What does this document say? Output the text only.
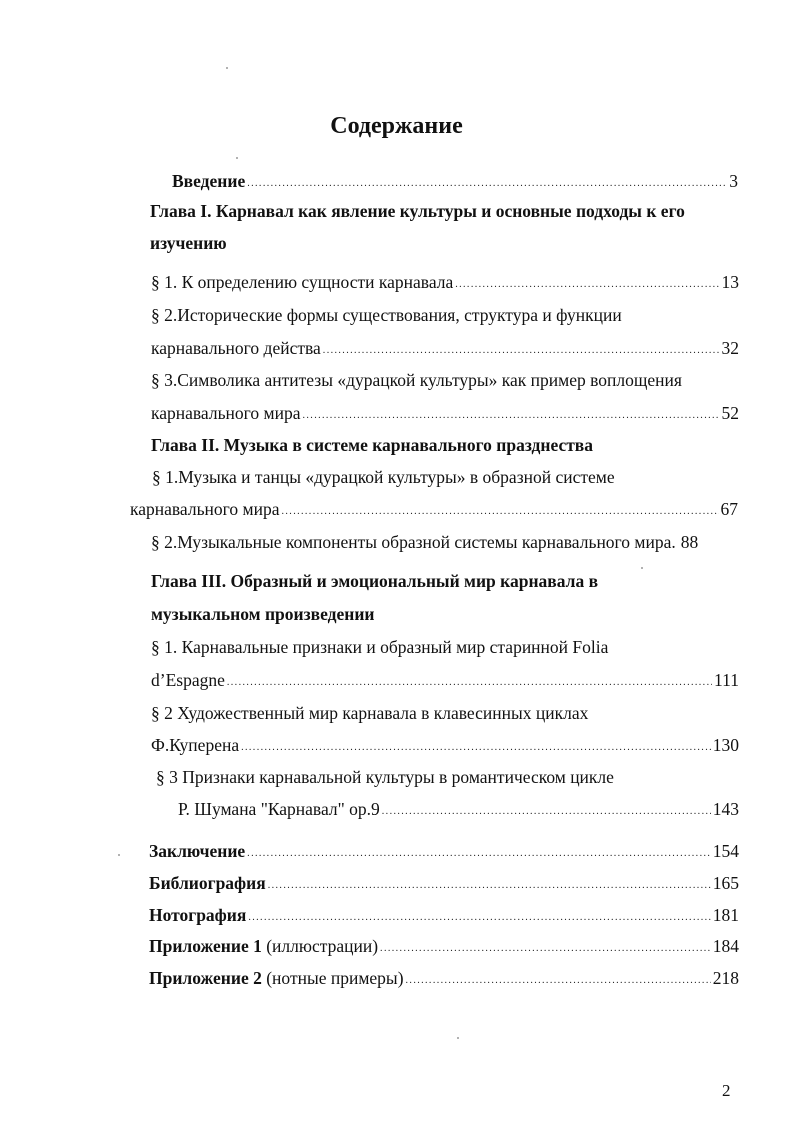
Содержание
Введение .....	3
Глава I. Карнавал как явление культуры и основные подходы к его
изучению
§ 1. К определению сущности карнавала .....	13
§ 2.Исторические формы существования, структура и функции
карнавального действа .....	32
§ 3.Символика антитезы «дурацкой культуры» как пример воплощения
карнавального мира .....	52
Глава II. Музыка в системе карнавального празднества
§ 1.Музыка и танцы «дурацкой культуры» в образной системе
карнавального мира .....	67
§ 2.Музыкальные компоненты образной системы карнавального мира. 88
Глава III. Образный и эмоциональный мир карнавала в
музыкальном произведении
§ 1. Карнавальные признаки и образный мир старинной Folia
d’Espagne .....	111
§ 2 Художественный мир карнавала в клавесинных циклах
Ф.Куперена .....	130
§ 3 Признаки карнавальной культуры в романтическом цикле
Р. Шумана "Карнавал" ор.9 .....	143
Заключение .....	154
Библиография .....	165
Нотография .....	181
Приложение 1 (иллюстрации) .....	184
Приложение 2 (нотные примеры) .....	218
2
